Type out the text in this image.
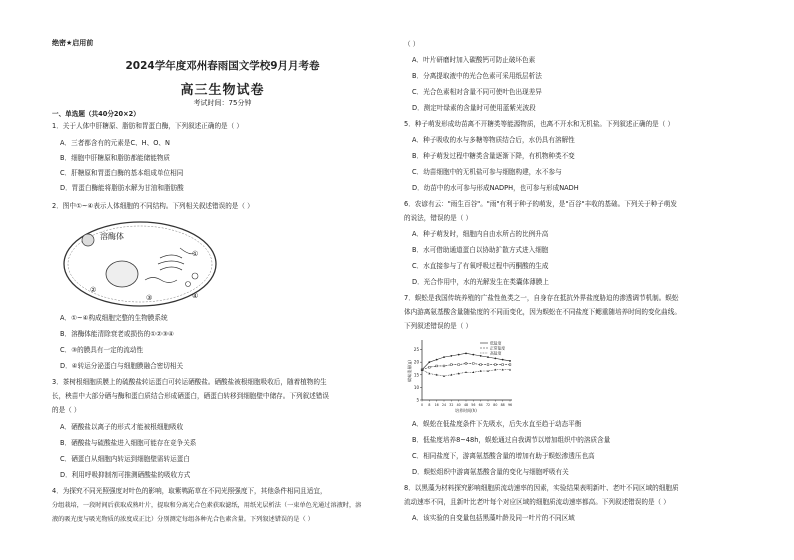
绝密★启用前
2024学年度邓州春雨国文学校9月月考卷
高三生物试卷
考试时间：75分钟
一、单选题（共40分20×2）
1．关于人体中肝糖原、脂肪和胃蛋白酶，下列叙述正确的是（ ）
A．三者都含有的元素是C、H、O、N
B．细胞中肝糖原和脂肪都能储能物质
C．肝糖原和胃蛋白酶的基本组成单位相同
D．胃蛋白酶能将脂肪水解为甘油和脂肪酸
2．图中①~④表示人体细胞的不同结构。下列相关叙述错误的是（ ）
溶酶体
①
②
③	④
A．①~④构成细胞完整的生物膜系统
B．溶酶体能清除衰老或损伤的①②③④
C．③的膜具有一定的流动性
D．④转运分泌蛋白与细胞膜融合密切相关
3．茶树根细胞质膜上的硫酸盐转运蛋白可转运硒酸盐。硒酸盐被根细胞吸收后，随着植物的生
长，秧苗中大部分硒与酶和蛋白质结合形成硒蛋白，硒蛋白转移到细胞壁中储存。下列叙述错误
的是（ ）
A．硒酸盐以离子的形式才能被根细胞吸收
B．硒酸盐与硫酸盐进入细胞可能存在竞争关系
C．硒蛋白从细胞内转运到细胞壁需转运蛋白
D．利用呼吸抑制剂可推测硒酸盐的吸收方式
4．为探究不同光照强度对叶色的影响，取紫鸭跖草在不同光照强度下，其他条件相同且适宜，
分组栽培，一段时间后获取成熟叶片，提取和分离光合色素获取滤纸，用纸光层析法（一束单色光通过溶液时，溶
液的吸光度与吸光物质的浓度成正比）分别测定每组各种光合色素含量。下列叙述错误的是（ ）
（ ）
A．叶片研磨时加入碳酸钙可防止破坏色素
B．分离提取液中的光合色素可采用纸层析法
C．光合色素相对含量不同可使叶色出现差异
D．测定叶绿素的含量时可使用蓝紫光波段
5．种子萌发形成幼苗离不开糖类等能源物质，也离不开水和无机盐。下列叙述正确的是（ ）
A．种子吸收的水与多糖等物质结合后，水仍具有溶解性
B．种子萌发过程中糖类含量逐渐下降，有机物种类不变
C．幼苗细胞中的无机盐可参与细胞构建，水不参与
D．幼苗中的水可参与形成NADPH，也可参与形成NADH
6．农谚有云："雨生百谷"。"雨"有利于种子的萌发，是"百谷"丰收的基础。下列关于种子萌发
的说法，错误的是（ ）
A．种子萌发时，细胞内自由水所占的比例升高
B．水可借助通道蛋白以协助扩散方式进入细胞
C．水直接参与了有氧呼吸过程中丙酮酸的生成
D．光合作用中，水的光解发生在类囊体薄膜上
7．蜈蚣是我国传统养殖的广盐性鱼类之一，自身存在抵抗外界盐度胁迫的渗透调节机制。蜈蚣
体内游离氨基酸含量随盐度的不同而变化，因为蜈蚣在不同盐度下鳃重随培养时间的变化曲线。
下列叙述错误的是（ ）
5
10
15
20
25
0 8 16 24 32 40 48 56 64 72 80 88 96
培养时间(h)
蜈蚣重量(g)
低盐度
正常盐度
高盐度
A．蜈蚣在低盐度条件下先吸水，后失水直至趋于动态平衡
B．低盐度培养8~48h，蜈蚣通过自我调节以增加组织中的溶质含量
C．相同盐度下，游离氨基酸含量的增加有助于蜈蚣渗透压也高
D．蜈蚣组织中游离氨基酸含量的变化与细胞呼吸有关
8．以黑藻为材料探究影响细胞质流动速率的因素，实验结果表明新叶、老叶不同区域的细胞质
流动速率不同，且新叶比老叶每个对应区域的细胞质流动速率都高。下列叙述错误的是（ ）
A．该实验的自变量包括黑藻叶龄及同一叶片的不同区域
